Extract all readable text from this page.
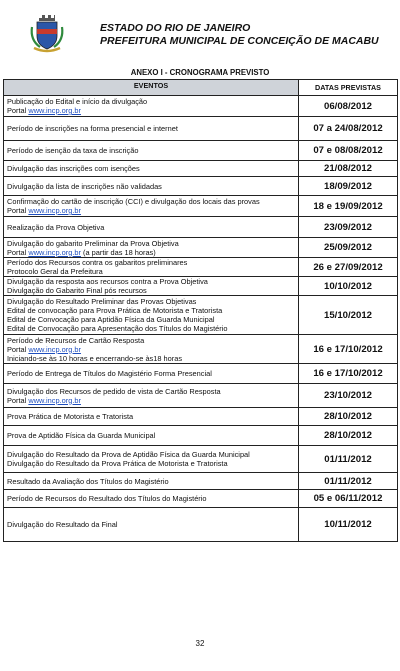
ESTADO DO RIO DE JANEIRO
PREFEITURA MUNICIPAL DE CONCEIÇÃO DE MACABU
ANEXO I - CRONOGRAMA PREVISTO
EVENTOS	DATAS PREVISTAS

Publicação do Edital e início da divulgação
Portal www.incp.org.br	06/08/2012

Período de inscrições na forma presencial e internet	07 a 24/08/2012

Período de isenção da taxa de inscrição	07 e 08/08/2012

Divulgação das inscrições com isenções	21/08/2012

Divulgação da lista de inscrições não validadas	18/09/2012

Confirmação do cartão de inscrição (CCI) e divulgação dos locais das provas
Portal www.incp.org.br	18 e 19/09/2012

Realização da Prova Objetiva	23/09/2012

Divulgação do gabarito Preliminar da Prova Objetiva
Portal www.incp.org.br (a partir das 18 horas)	25/09/2012

Período dos Recursos contra os gabaritos preliminares
Protocolo Geral da Prefeitura	26 e 27/09/2012

Divulgação da resposta aos recursos contra a Prova Objetiva
Divulgação do Gabarito Final pós recursos	10/10/2012

Divulgação do Resultado Preliminar das Provas Objetivas
Edital de convocação para Prova Prática de Motorista e Tratorista
Edital de Convocação para Aptidão Física da Guarda Municipal
Edital de Convocação para Apresentação dos Títulos do Magistério	15/10/2012

Período de Recursos de Cartão Resposta
Portal www.incp.org.br
Iniciando-se às 10 horas e encerrando-se às18 horas	16 e 17/10/2012

Período de Entrega de Títulos do Magistério Forma Presencial	16 e 17/10/2012

Divulgação dos Recursos de pedido de vista de Cartão Resposta
Portal www.incp.org.br	23/10/2012

Prova Prática de Motorista e Tratorista	28/10/2012

Prova de Aptidão Física da Guarda Municipal	28/10/2012

Divulgação do Resultado da Prova de Aptidão Física da Guarda Municipal
Divulgação do Resultado da Prova Prática de Motorista e Tratorista	01/11/2012

Resultado da Avaliação dos Títulos do Magistério	01/11/2012

Período de Recursos do Resultado dos Títulos do Magistério	05 e 06/11/2012

Divulgação do Resultado da Final	10/11/2012
32
